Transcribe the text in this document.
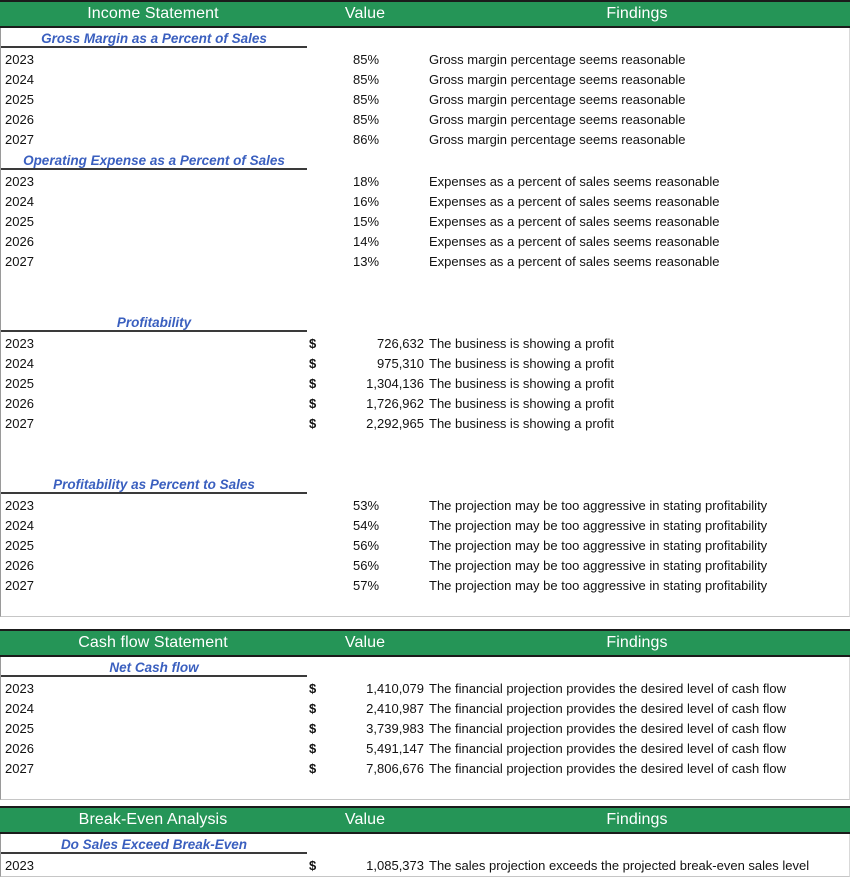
Income Statement	Value	Findings
Gross Margin as a Percent of Sales
2023	85%	Gross margin percentage seems reasonable
2024	85%	Gross margin percentage seems reasonable
2025	85%	Gross margin percentage seems reasonable
2026	85%	Gross margin percentage seems reasonable
2027	86%	Gross margin percentage seems reasonable
Operating Expense as a Percent of Sales
2023	18%	Expenses as a percent of sales seems reasonable
2024	16%	Expenses as a percent of sales seems reasonable
2025	15%	Expenses as a percent of sales seems reasonable
2026	14%	Expenses as a percent of sales seems reasonable
2027	13%	Expenses as a percent of sales seems reasonable
Profitability
2023	$	726,632 The business is showing a profit
2024	$	975,310 The business is showing a profit
2025	$	1,304,136 The business is showing a profit
2026	$	1,726,962 The business is showing a profit
2027	$	2,292,965 The business is showing a profit
Profitability as Percent to Sales
2023	53%	The projection may be too aggressive in stating profitability
2024	54%	The projection may be too aggressive in stating profitability
2025	56%	The projection may be too aggressive in stating profitability
2026	56%	The projection may be too aggressive in stating profitability
2027	57%	The projection may be too aggressive in stating profitability
Cash flow Statement	Value	Findings
Net Cash flow
2023	$	1,410,079 The financial projection provides the desired level of cash flow
2024	$	2,410,987 The financial projection provides the desired level of cash flow
2025	$	3,739,983 The financial projection provides the desired level of cash flow
2026	$	5,491,147 The financial projection provides the desired level of cash flow
2027	$	7,806,676 The financial projection provides the desired level of cash flow
Break-Even Analysis	Value	Findings
Do Sales Exceed Break-Even
2023	$	1,085,373 The sales projection exceeds the projected break-even sales level
